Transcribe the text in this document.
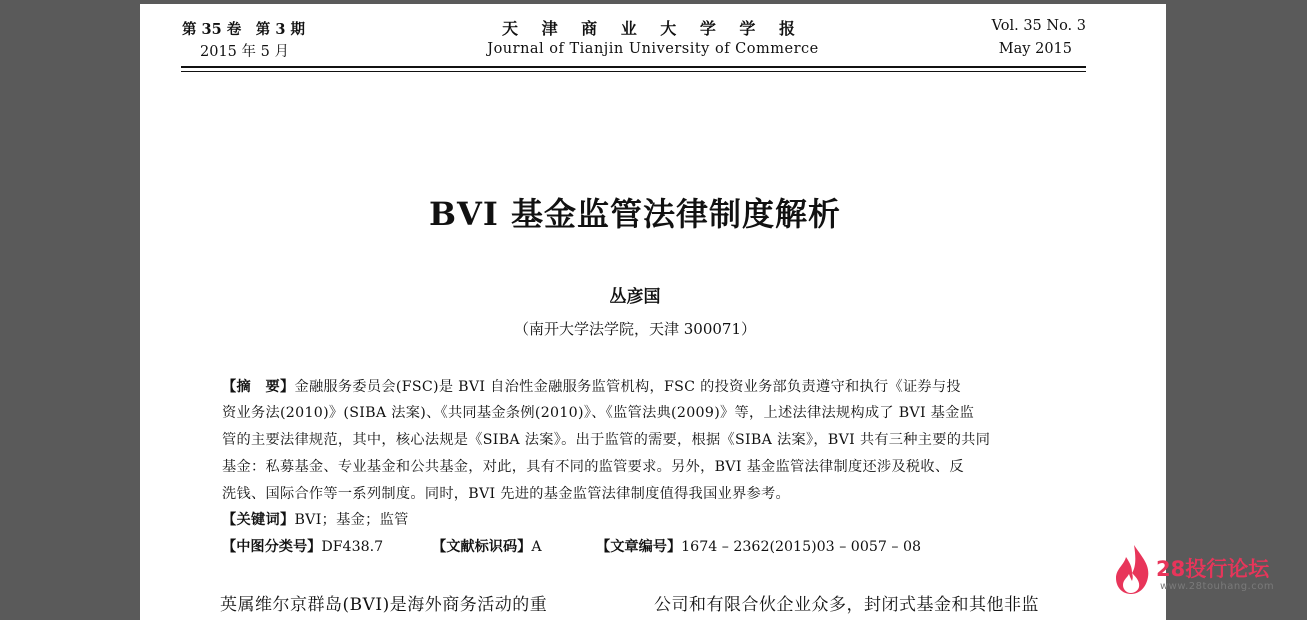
第 35 卷　第 3 期
2015 年 5 月
天 津 商 业 大 学 学 报
Journal of Tianjin University of Commerce
Vol. 35 No. 3
May 2015
BVI 基金监管法律制度解析
丛彦国
（南开大学法学院，天津 300071）
【摘　要】金融服务委员会(FSC)是 BVI 自治性金融服务监管机构，FSC 的投资业务部负责遵守和执行《证券与投
资业务法(2010)》(SIBA 法案)、《共同基金条例(2010)》、《监管法典(2009)》等，上述法律法规构成了 BVI 基金监
管的主要法律规范，其中，核心法规是《SIBA 法案》。出于监管的需要，根据《SIBA 法案》，BVI 共有三种主要的共同
基金：私募基金、专业基金和公共基金，对此，具有不同的监管要求。另外，BVI 基金监管法律制度还涉及税收、反
洗钱、国际合作等一系列制度。同时，BVI 先进的基金监管法律制度值得我国业界参考。
【关键词】BVI；基金；监管
【中图分类号】DF438.7	【文献标识码】A	【文章编号】1674 – 2362(2015)03 – 0057 – 08
英属维尔京群岛(BVI)是海外商务活动的重	公司和有限合伙企业众多，封闭式基金和其他非监
28投行论坛
www.28touhang.com
